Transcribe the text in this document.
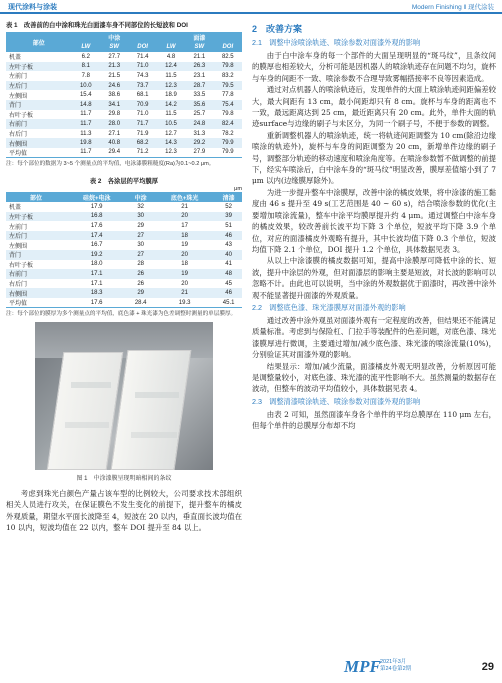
现代涂料与涂装	Modern Finishing ‖ 现代涂装
表 1　改善前的白中涂和珠光白面漆车身不同部位的长短波和 DOI
部位	中涂			面漆		
	LW	SW	DOI	LW	SW	DOI
机盖	6.2	27.7	71.4	4.8	21.1	82.5
左叶子板	8.1	21.3	71.0	12.4	26.3	79.8
左前门	7.8	21.5	74.3	11.5	23.1	83.2
左后门	10.0	24.6	73.7	12.3	28.7	79.5
左侧围	15.4	38.6	68.1	18.9	33.5	77.8
背门	14.8	34.1	70.9	14.2	35.6	75.4
右叶子板	11.7	29.8	71.0	11.5	25.7	79.8
右前门	11.7	28.0	71.7	10.5	24.8	82.4
右后门	11.3	27.1	71.9	12.7	31.3	78.2
右侧围	19.8	40.8	68.2	14.3	29.2	79.9
平均值	11.7	29.4	71.2	12.3	27.9	79.9
注：每个部位的数据为 3~5 个测量点的平均值，电泳漆膜粗糙度(Ra)为0.1~0.2 μm。
表 2　各涂层的平均膜厚
μm
部位	硅烷+电泳	中涂	底色+珠光	清漆
机盖	17.9	32	21	52
左叶子板	16.8	30	20	39
左前门	17.6	29	17	51
左后门	17.4	27	18	46
左侧围	16.7	30	19	43
背门	19.2	27	20	40
右叶子板	18.0	28	18	41
右前门	17.1	26	19	48
右后门	17.1	26	20	45
右侧围	18.3	29	21	46
平均值	17.6	28.4	19.3	45.1
注：每个部位的膜厚为多个测量点的平均值，底色漆 + 珠光漆为色差调整时测量的单层膜厚。
图 1　中涂漆膜呈现明暗相间的条纹

考虑到珠光白颜色产量占该车型的比例较大，公司要求技术部组织相关人员进行攻关，在保证膜色不发生变化的前提下，提升整车的橘皮外观质量，期望水平面长波降至 4，短波在 20 以内，垂直面长波均值在 10 以内，短波均值在 22 以内，整车 DOI 提升至 84 以上。

2　改善方案
2.1　调整中涂喷涂轨迹、喷涂参数对面漆外观的影响

由于白中涂车身的每一个部件的大面呈现明显的“斑马纹”，且条纹间的膜厚也相差较大，分析可能是因机器人的喷涂轨迹存在问题不均匀，旋杯与车身的间距不一致、喷涂参数不合理导致雾幅搭接率不良等因素造成。

通过对点机器人的喷涂轨迹后，发现单件的大面上喷涂轨迹间距偏差较大，最大间距有 13 cm，最小间距却只有 8 cm。旋杯与车身的距离也不一致，最远距离达到 25 cm，最近距离只有 20 cm。此外，单件大面的轨迹surface与边缘的刷子与未区分，为同一个刷子号，不便于参数的调整。

重新调整机器人的喷涂轨迹，统一将轨迹间距调整为 10 cm(除沿边缘喷涂的轨迹外)，旋杯与车身的间距调整为 20 cm，新增单件边缘的刷子号，调整部分轨迹的移动速度和喷涂角度等。在喷涂参数暂不做调整的前提下，经实车喷涂后，白中涂车身的“斑马纹”明显改善，膜厚差值缩小到了 7 μm 以内(边缘膜厚除外)。

为进一步提升整车中涂膜厚，改善中涂的橘皮效果，将中涂漆的施工黏度由 46 s 提升至 49 s(工艺范围是 40 ~ 60 s)，结合喷涂参数的优化(主要增加喷涂流量)，整车中涂平均膜厚提升约 4 μm。通过调整白中涂车身的橘皮效果，较改善前长波平均下降 3 个单位，短波平均下降 3.9 个单位，对应的面漆橘皮外观略有提升，其中长波均值下降 0.3 个单位，短波均值下降 2.1 个单位，DOI 提升 1.2 个单位，具体数据见表 3。

从以上中涂漆膜的橘皮数据可知，提高中涂膜厚可降低中涂的长、短波，提升中涂层的外观，但对面漆层的影响主要是短波，对长波的影响可以忽略不计。由此也可以说明，当中涂的外观数据优于面漆时，再改善中涂外观不能显著提升面漆的外观质量。

2.2　调整底色漆、珠光漆膜厚对面漆外观的影响

通过改善中涂外观虽对面漆外观有一定程度的改善，但结果还不能满足质量标准。考虑到与保险杠、门拉手等装配件的色差问题，对底色漆、珠光漆膜厚进行微调，主要通过增加/减少底色漆、珠光漆的喷涂流量(10%)，分别验证其对面漆外观的影响。

结果显示：增加/减少流量，面漆橘皮外观无明显改善，分析原因可能是调整量较小，对底色漆、珠光漆的流平性影响不大。虽然测量的数据存在波动，但整车的波动平均值较小，具体数据见表 4。

2.3　调整清漆喷涂轨迹、喷涂参数对面漆外观的影响

由表 2 可知，虽然面漆车身各个单件的平均总膜厚在 110 μm 左右，但每个单件的总膜厚分布却不均

MPF 2021年3月
第24卷第2期	29
